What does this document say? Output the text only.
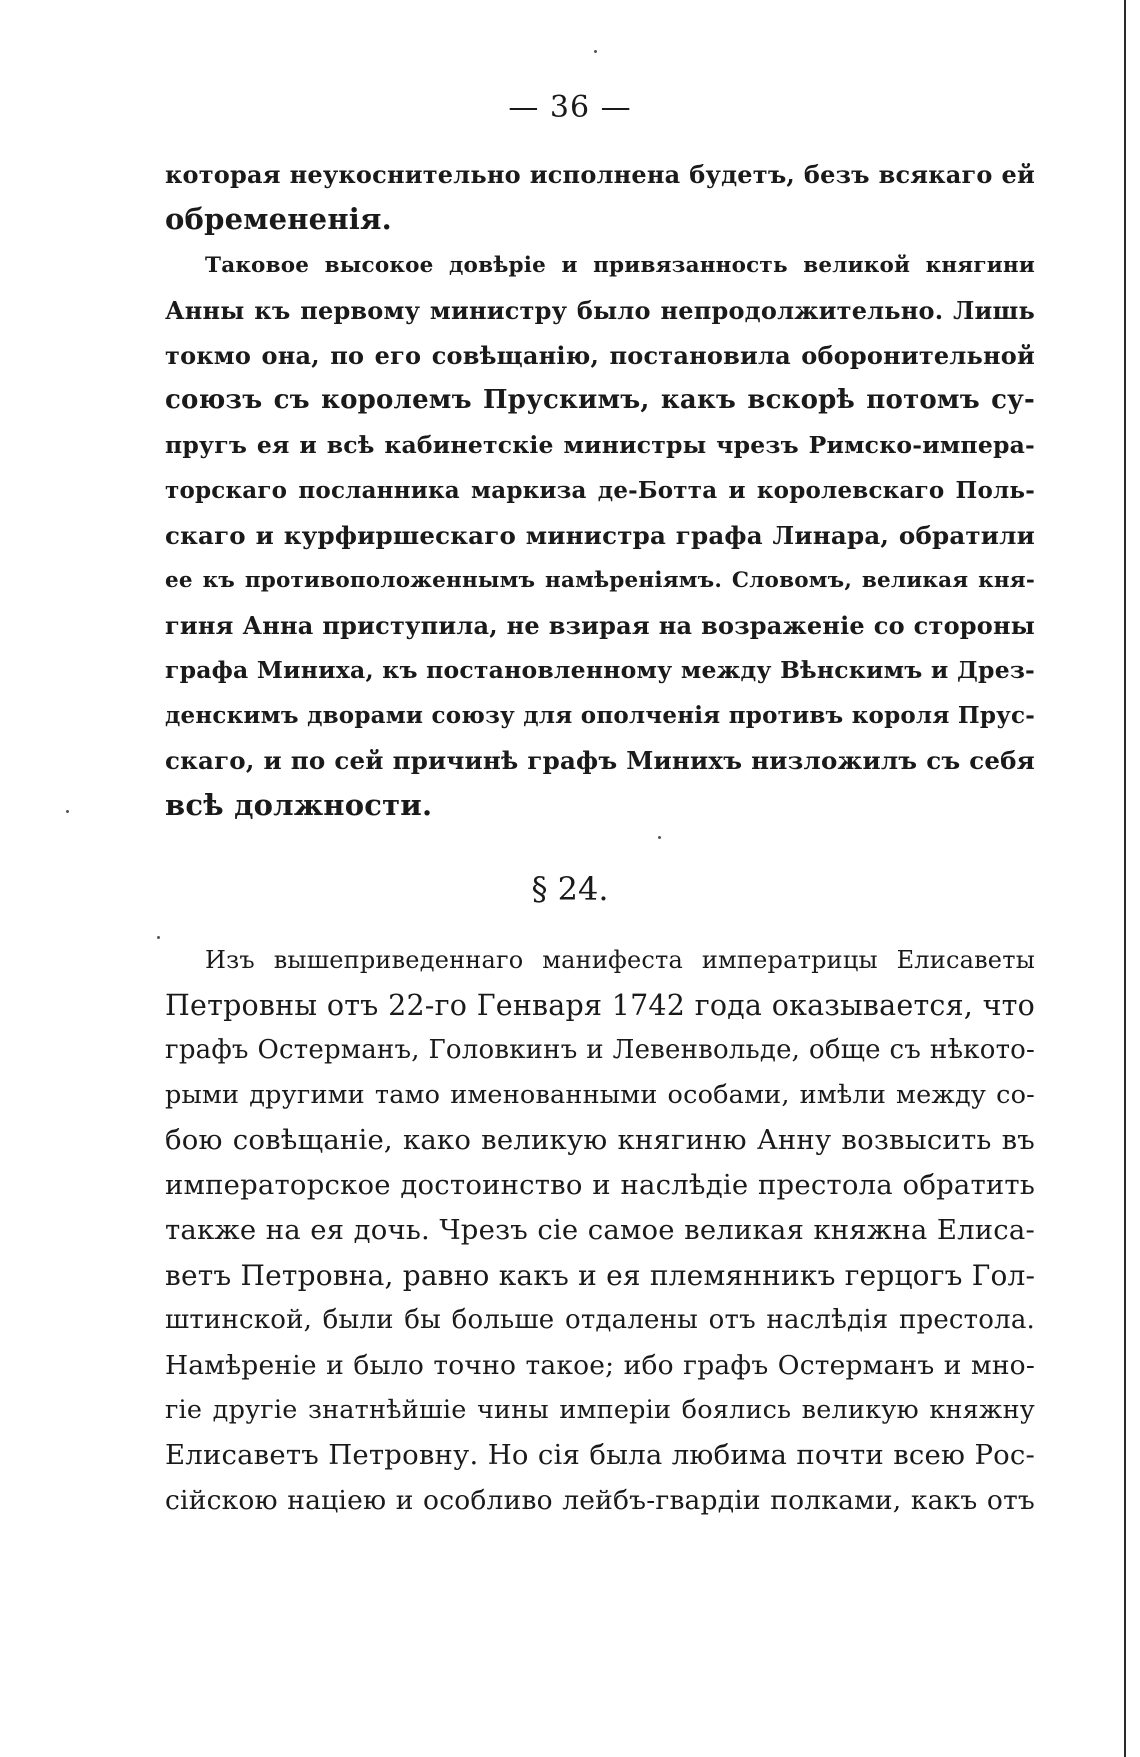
— 36 —
которая неукоснительно исполнена будетъ, безъ всякаго ей
обремененія.
Таковое высокое довѣріе и привязанность великой княгини
Анны къ первому министру было непродолжительно. Лишь
токмо она, по его совѣщанію, постановила оборонительной
союзъ съ королемъ Прускимъ, какъ вскорѣ потомъ су-
пругъ ея и всѣ кабинетскіе министры чрезъ Римско-импера-
торскаго посланника маркиза де-Ботта и королевскаго Поль-
скаго и курфиршескаго министра графа Линара, обратили
ее къ противоположеннымъ намѣреніямъ. Словомъ, великая кня-
гиня Анна приступила, не взирая на возраженіе со стороны
графа Миниха, къ постановленному между Вѣнскимъ и Дрез-
денскимъ дворами союзу для ополченія противъ короля Прус-
скаго, и по сей причинѣ графъ Минихъ низложилъ съ себя
всѣ должности.
§ 24.
Изъ вышеприведеннаго манифеста императрицы Елисаветы
Петровны отъ 22-го Генваря 1742 года оказывается, что
графъ Остерманъ, Головкинъ и Левенвольде, обще съ нѣкото-
рыми другими тамо именованными особами, имѣли между со-
бою совѣщаніе, како великую княгиню Анну возвысить въ
императорское достоинство и наслѣдіе престола обратить
также на ея дочь. Чрезъ сіе самое великая княжна Елиса-
ветъ Петровна, равно какъ и ея племянникъ герцогъ Гол-
штинской, были бы больше отдалены отъ наслѣдія престола.
Намѣреніе и было точно такое; ибо графъ Остерманъ и мно-
гіе другіе знатнѣйшіе чины имперіи боялись великую княжну
Елисаветъ Петровну. Но сія была любима почти всею Рос-
сійскою націею и особливо лейбъ-гвардіи полками, какъ отъ
